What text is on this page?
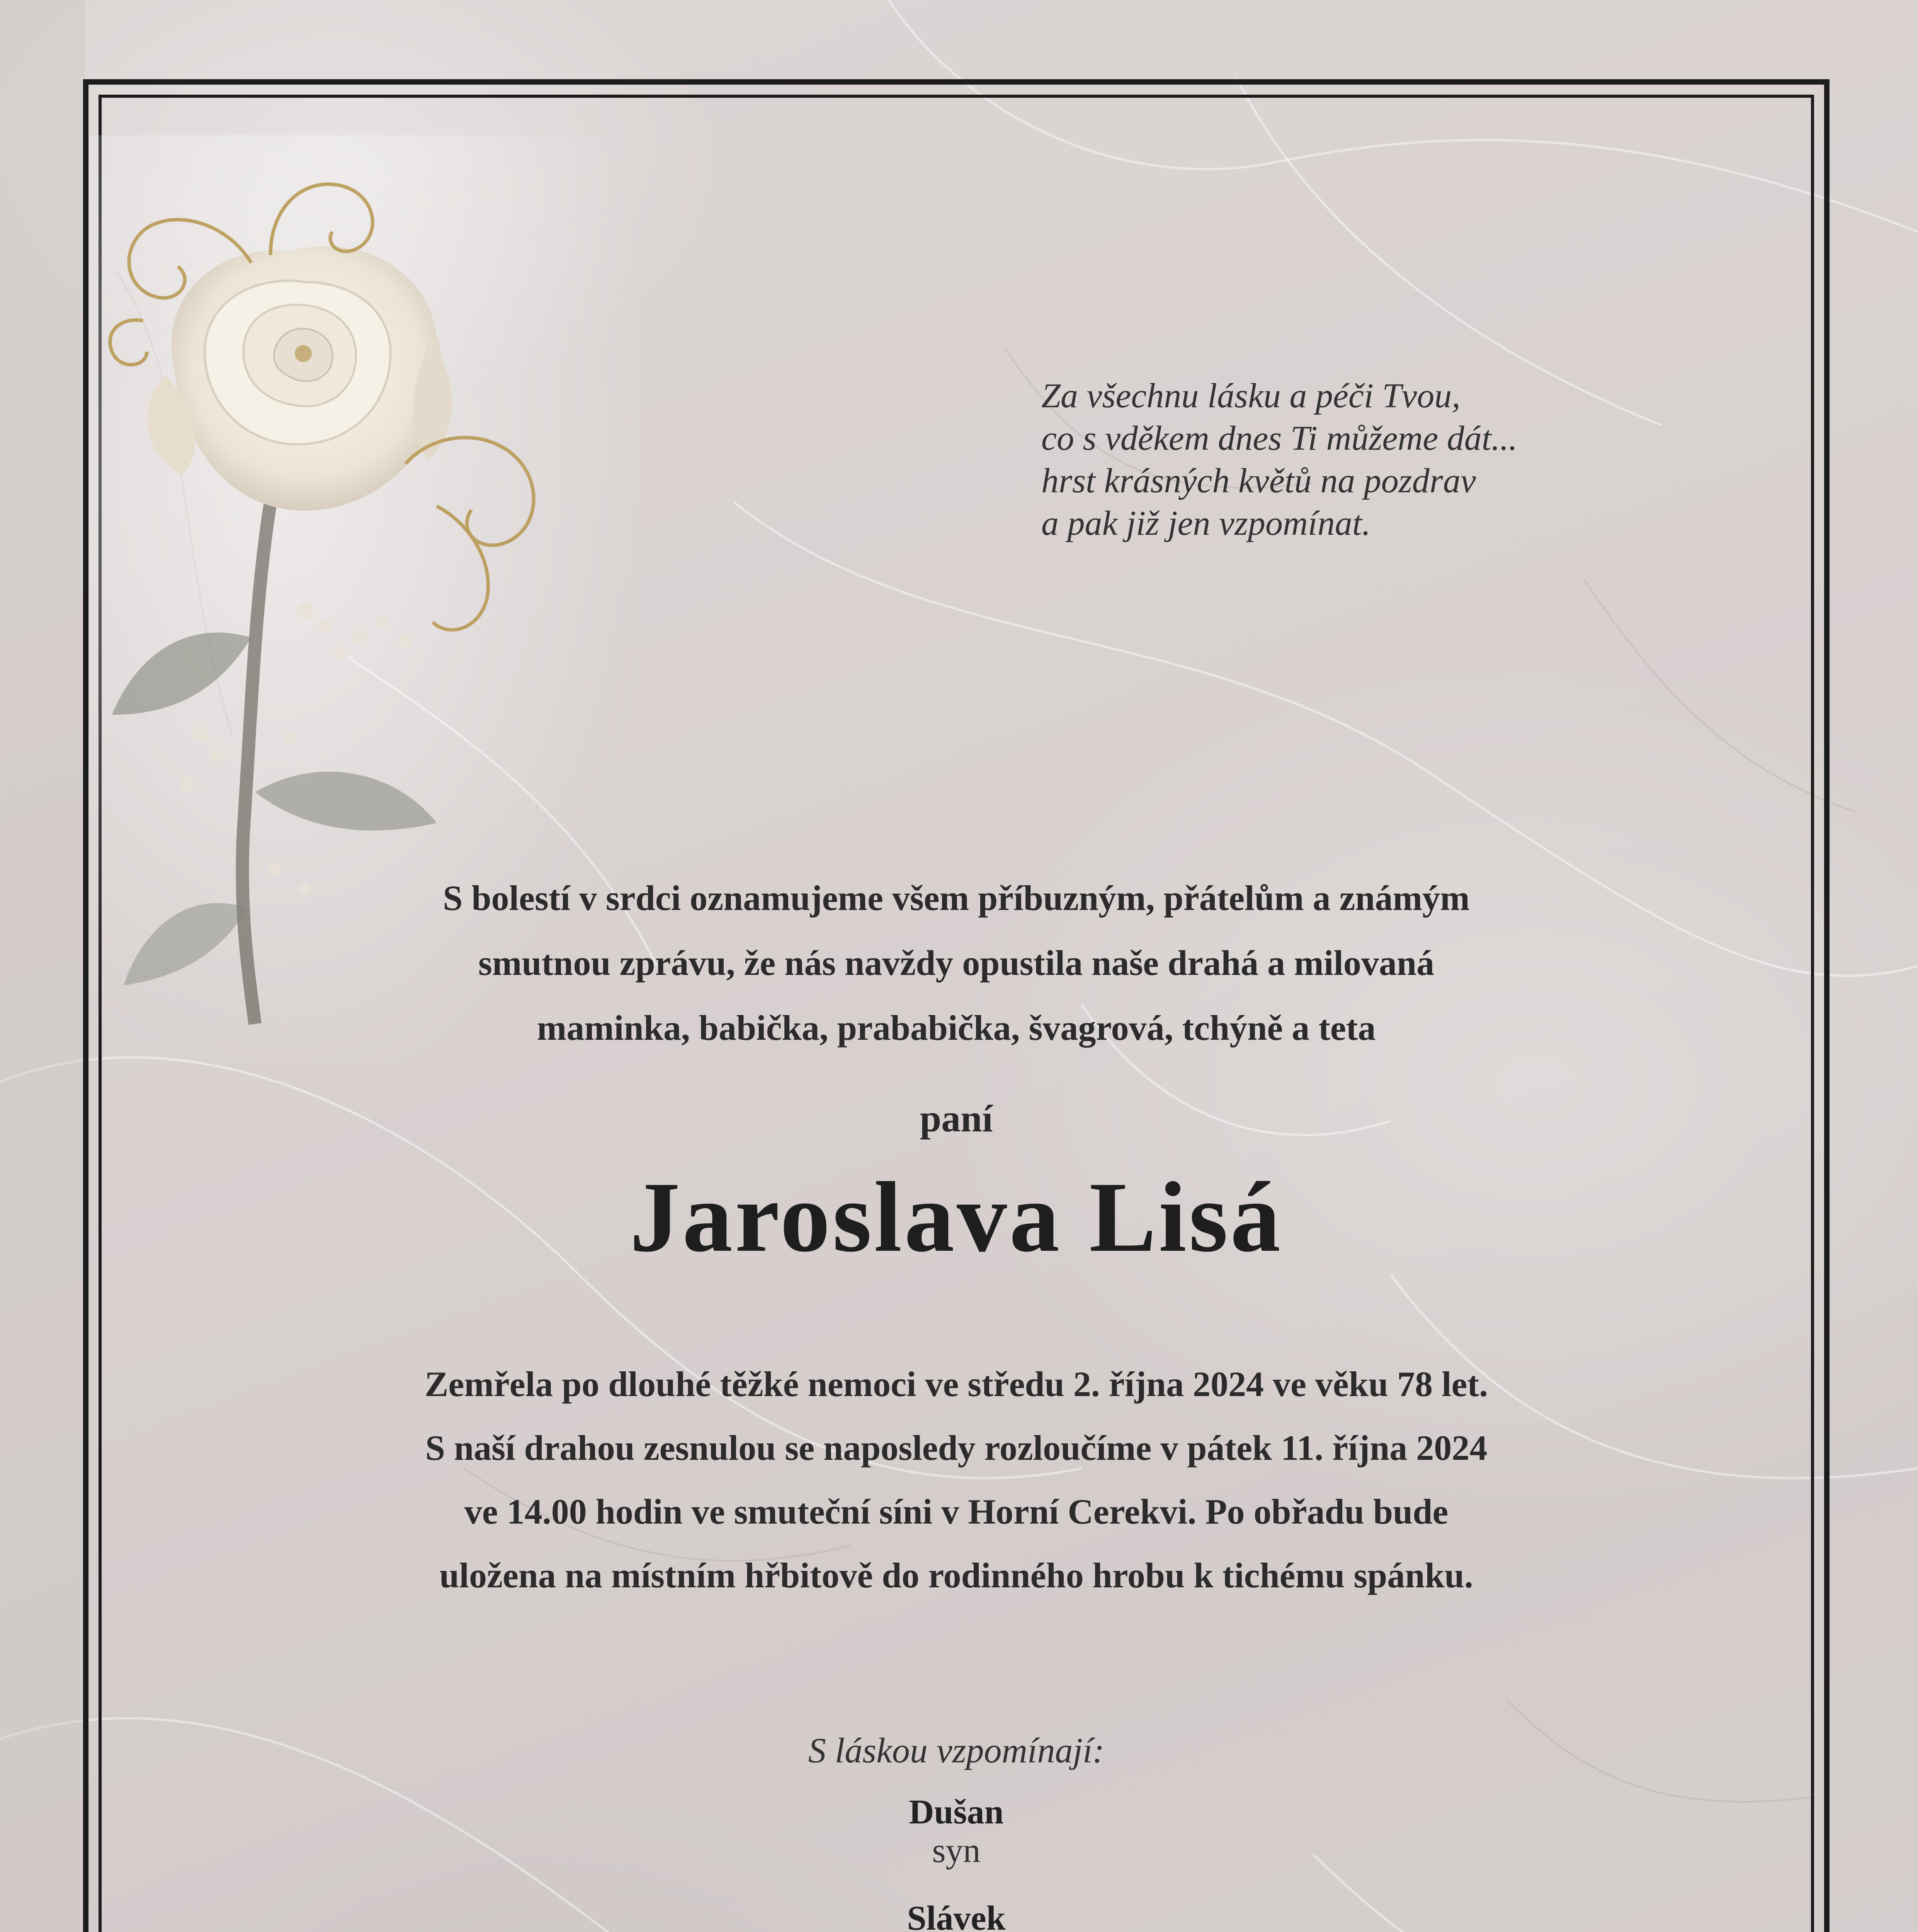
Za všechnu lásku a péči Tvou,
co s vděkem dnes Ti můžeme dát...
hrst krásných květů na pozdrav
a pak již jen vzpomínat.
S bolestí v srdci oznamujeme všem příbuzným, přátelům a známým
smutnou zprávu, že nás navždy opustila naše drahá a milovaná
maminka, babička, prababička, švagrová, tchýně a teta
paní
Jaroslava Lisá
Zemřela po dlouhé těžké nemoci ve středu 2. října 2024 ve věku 78 let.
S naší drahou zesnulou se naposledy rozloučíme v pátek 11. října 2024
ve 14.00 hodin ve smuteční síni v Horní Cerekvi. Po obřadu bude
uložena na místním hřbitově do rodinného hrobu k tichému spánku.
S láskou vzpomínají:
Dušan
syn
Slávek
